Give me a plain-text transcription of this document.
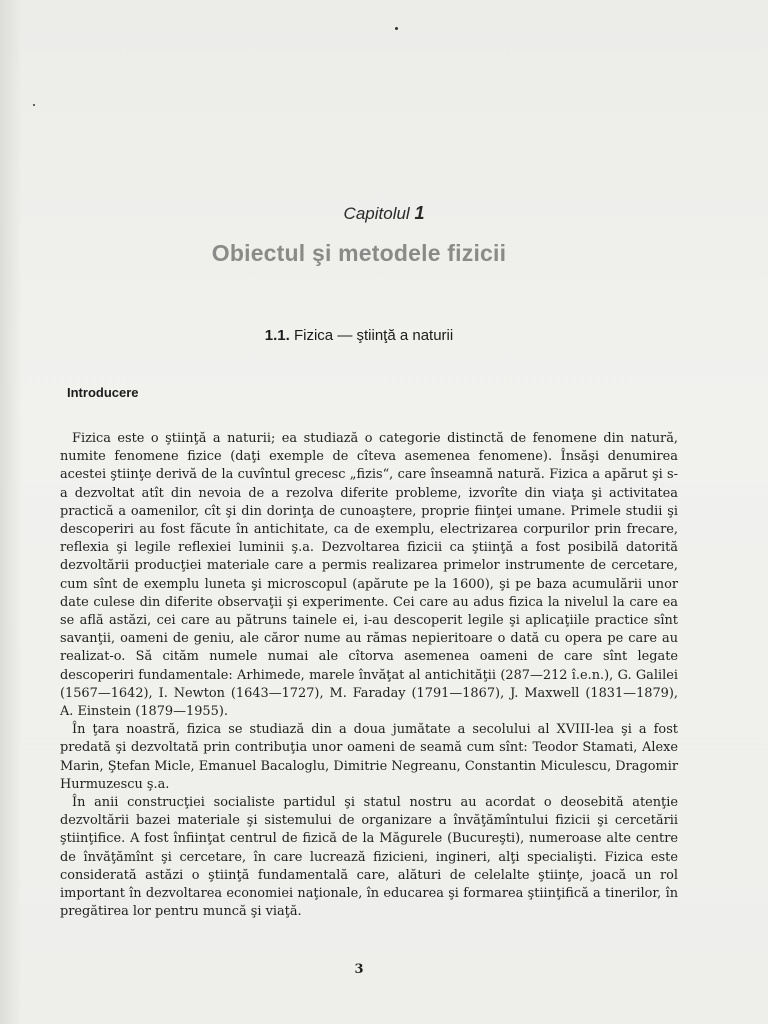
Capitolul 1
Obiectul şi metodele fizicii
1.1. Fizica — ştiinţă a naturii
Introducere

Fizica este o ştiinţă a naturii; ea studiază o categorie distinctă de fenomene din natură, numite fenomene fizice (daţi exemple de cîteva asemenea fenomene). Însăşi denumirea acestei ştiinţe derivă de la cuvîntul grecesc „fizis“, care înseamnă natură. Fizica a apărut şi s-a dezvoltat atît din nevoia de a rezolva diferite probleme, izvorîte din viaţa şi activitatea practică a oamenilor, cît şi din dorinţa de cunoaştere, proprie fiinţei umane. Primele studii şi descoperiri au fost făcute în antichitate, ca de exemplu, electrizarea corpurilor prin frecare, reflexia şi legile reflexiei luminii ş.a. Dezvoltarea fizicii ca ştiinţă a fost posibilă datorită dezvoltării producţiei materiale care a permis realizarea primelor instrumente de cercetare, cum sînt de exemplu luneta şi microscopul (apărute pe la 1600), şi pe baza acumulării unor date culese din diferite observaţii şi experimente. Cei care au adus fizica la nivelul la care ea se află astăzi, cei care au pătruns tainele ei, i-au descoperit legile şi aplicaţiile practice sînt savanţii, oameni de geniu, ale căror nume au rămas nepieritoare o dată cu opera pe care au realizat-o. Să cităm numele numai ale cîtorva asemenea oameni de care sînt legate descoperiri fundamentale: Arhimede, marele învăţat al antichităţii (287—212 î.e.n.), G. Galilei (1567—1642), I. Newton (1643—1727), M. Faraday (1791—1867), J. Maxwell (1831—1879), A. Einstein (1879—1955).

În ţara noastră, fizica se studiază din a doua jumătate a secolului al XVIII-lea şi a fost predată şi dezvoltată prin contribuţia unor oameni de seamă cum sînt: Teodor Stamati, Alexe Marin, Ştefan Micle, Emanuel Bacaloglu, Dimitrie Negreanu, Constantin Miculescu, Dragomir Hurmuzescu ş.a.

În anii construcţiei socialiste partidul şi statul nostru au acordat o deosebită atenţie dezvoltării bazei materiale şi sistemului de organizare a învăţămîntului fizicii şi cercetării ştiinţifice. A fost înfiinţat centrul de fizică de la Măgurele (Bucureşti), numeroase alte centre de învăţămînt şi cercetare, în care lucrează fizicieni, ingineri, alţi specialişti. Fizica este considerată astăzi o ştiinţă fundamentală care, alături de celelalte ştiinţe, joacă un rol important în dezvoltarea economiei naţionale, în educarea şi formarea ştiinţifică a tinerilor, în pregătirea lor pentru muncă şi viaţă.

3
